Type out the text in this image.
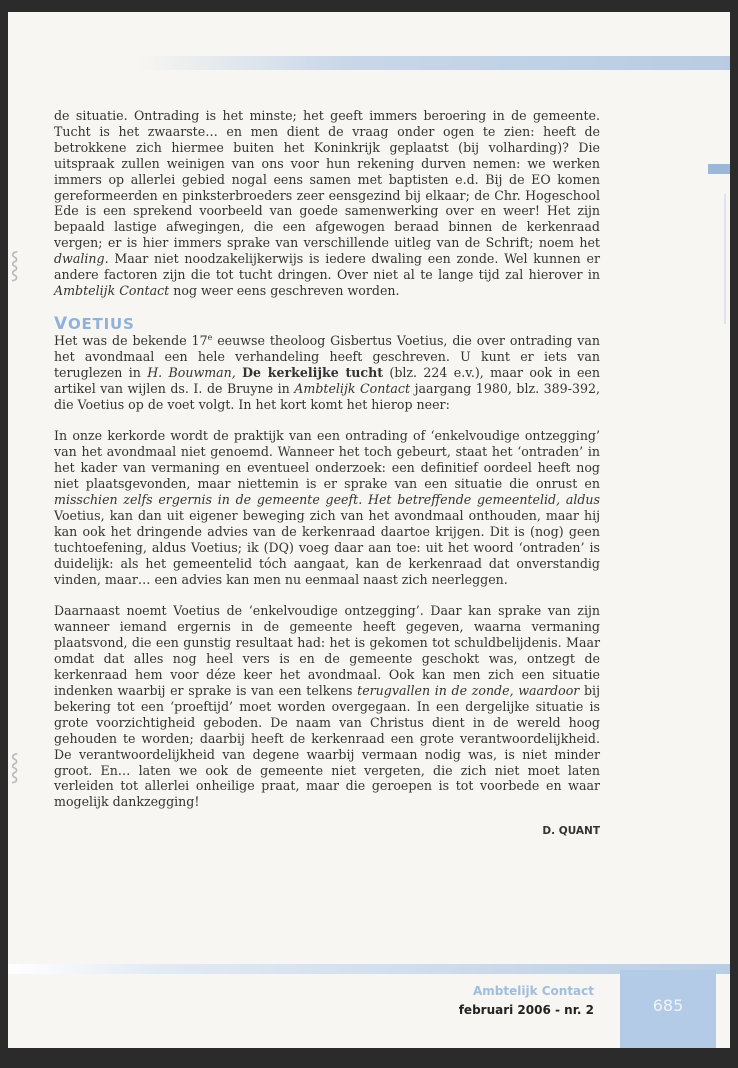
⸾
⸾

de situatie. Ontrading is het minste; het geeft immers beroering in de gemeente. Tucht is het zwaarste… en men dient de vraag onder ogen te zien: heeft de betrokkene zich hiermee buiten het Koninkrijk geplaatst (bij volharding)? Die uitspraak zullen weinigen van ons voor hun rekening durven nemen: we werken immers op allerlei gebied nogal eens samen met baptisten e.d. Bij de EO komen gereformeerden en pinksterbroeders zeer eensgezind bij elkaar; de Chr. Hogeschool Ede is een sprekend voorbeeld van goede samenwerking over en weer! Het zijn bepaald lastige afwegingen, die een afgewogen beraad binnen de kerkenraad vergen; er is hier immers sprake van verschillende uitleg van de Schrift; noem het dwaling. Maar niet noodzakelijkerwijs is iedere dwaling een zonde. Wel kunnen er andere factoren zijn die tot tucht dringen. Over niet al te lange tijd zal hierover in Ambtelijk Contact nog weer eens geschreven worden.

VOETIUS

Het was de bekende 17e eeuwse theoloog Gisbertus Voetius, die over ontrading van het avondmaal een hele verhandeling heeft geschreven. U kunt er iets van teruglezen in H. Bouwman, De kerkelijke tucht (blz. 224 e.v.), maar ook in een artikel van wijlen ds. I. de Bruyne in Ambtelijk Contact jaargang 1980, blz. 389-392, die Voetius op de voet volgt. In het kort komt het hierop neer:

In onze kerkorde wordt de praktijk van een ontrading of ‘enkelvoudige ontzegging’ van het avondmaal niet genoemd. Wanneer het toch gebeurt, staat het ‘ontraden’ in het kader van vermaning en eventueel onderzoek: een definitief oordeel heeft nog niet plaatsgevonden, maar niettemin is er sprake van een situatie die onrust en misschien zelfs ergernis in de gemeente geeft. Het betreffende gemeentelid, aldus Voetius, kan dan uit eigener beweging zich van het avondmaal onthouden, maar hij kan ook het dringende advies van de kerkenraad daartoe krijgen. Dit is (nog) geen tuchtoefening, aldus Voetius; ik (DQ) voeg daar aan toe: uit het woord ‘ontraden’ is duidelijk: als het gemeentelid tóch aangaat, kan de kerkenraad dat onverstandig vinden, maar… een advies kan men nu eenmaal naast zich neerleggen.

Daarnaast noemt Voetius de ‘enkelvoudige ontzegging’. Daar kan sprake van zijn wanneer iemand ergernis in de gemeente heeft gegeven, waarna vermaning plaatsvond, die een gunstig resultaat had: het is gekomen tot schuldbelijdenis. Maar omdat dat alles nog heel vers is en de gemeente geschokt was, ontzegt de kerkenraad hem voor déze keer het avondmaal. Ook kan men zich een situatie indenken waarbij er sprake is van een telkens terugvallen in de zonde, waardoor bij bekering tot een ‘proeftijd’ moet worden overgegaan. In een dergelijke situatie is grote voorzichtigheid geboden. De naam van Christus dient in de wereld hoog gehouden te worden; daarbij heeft de kerkenraad een grote verantwoordelijkheid. De verantwoordelijkheid van degene waarbij vermaan nodig was, is niet minder groot. En… laten we ook de gemeente niet vergeten, die zich niet moet laten verleiden tot allerlei onheilige praat, maar die geroepen is tot voorbede en waar mogelijk dankzegging!

D. QUANT
Ambtelijk Contact
februari 2006 - nr. 2	685
